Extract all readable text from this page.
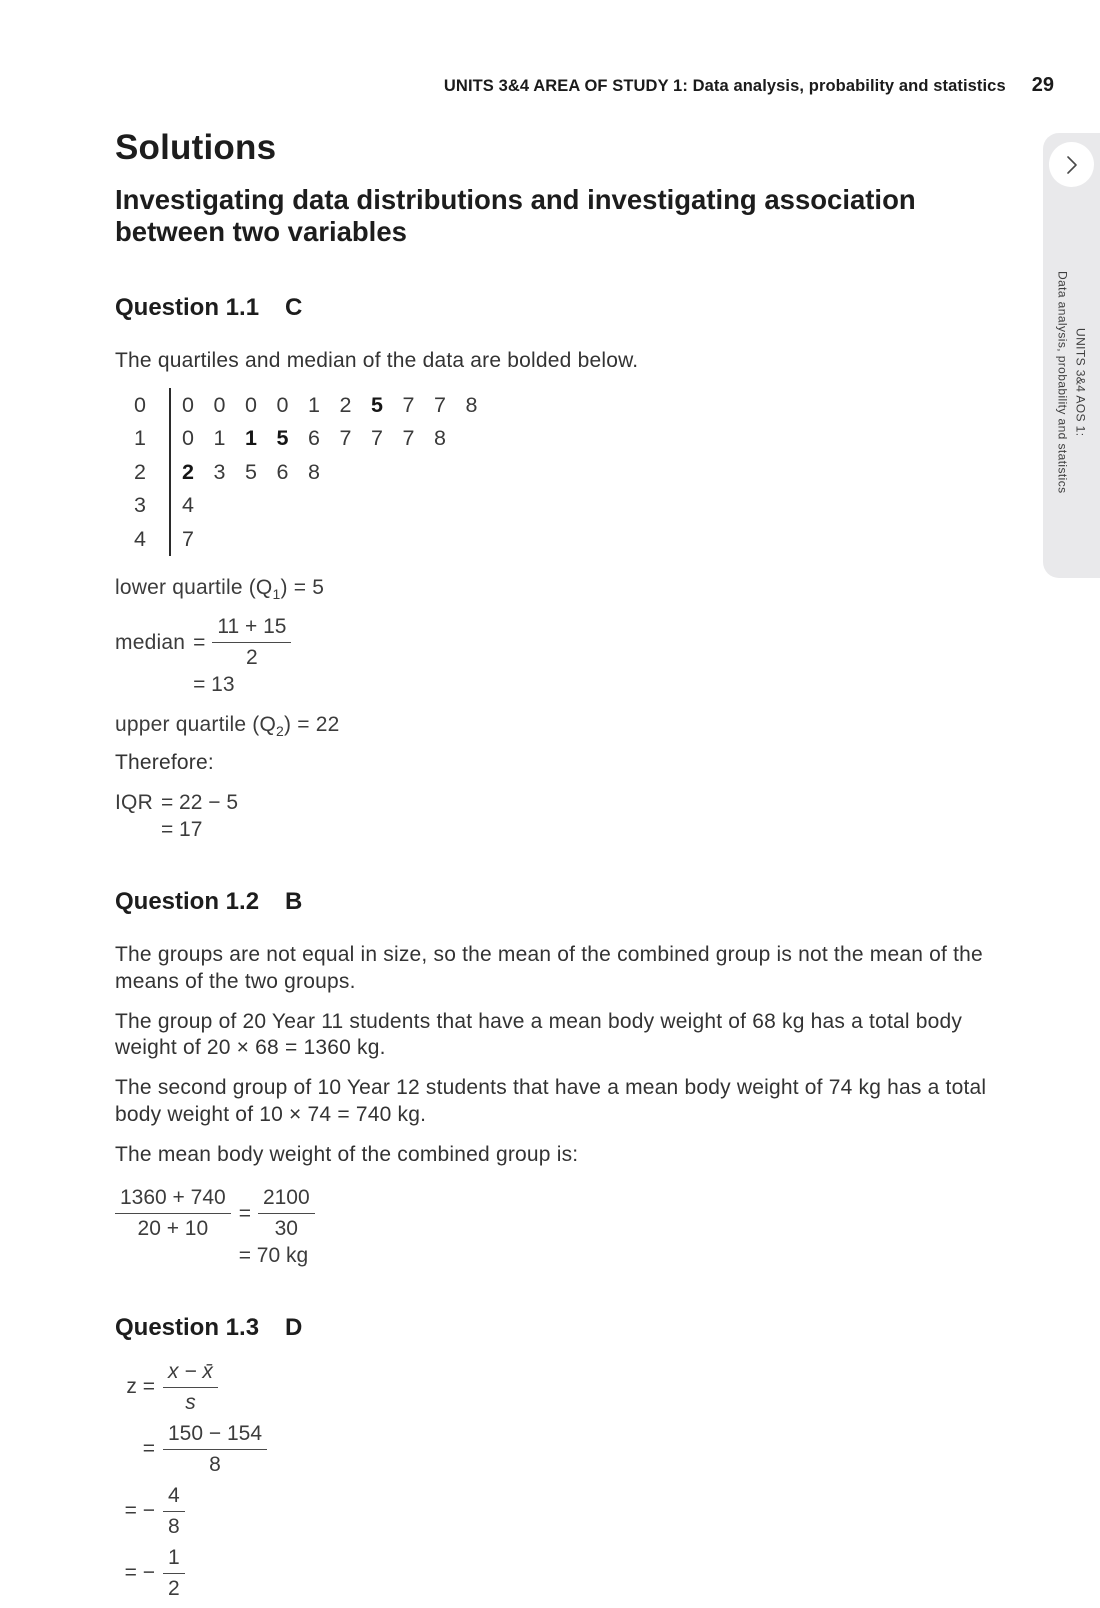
UNITS 3&4 AREA OF STUDY 1: Data analysis, probability and statistics 29
UNITS 3&4 AOS 1:
Data analysis, probability and statistics
Solutions
Investigating data distributions and investigating association between two variables
Question 1.1 C

The quartiles and median of the data are bolded below.

0	0 0 0 0 1 2 5 7 7 8
1	0 1 1 5 6 7 7 7 8
2	2 3 5 6 8
3	4
4	7

lower quartile $(Q_1) = 5$

median = $\frac{11 + 15}{2}$
= 13

upper quartile $(Q_2) = 22$

Therefore:

IQR = 22 − 5
= 17
Question 1.2 B

The groups are not equal in size, so the mean of the combined group is not the mean of the means of the two groups.

The group of 20 Year 11 students that have a mean body weight of 68 kg has a total body weight of 20 × 68 = 1360 kg.

The second group of 10 Year 12 students that have a mean body weight of 74 kg has a total body weight of 10 × 74 = 740 kg.

The mean body weight of the combined group is:

$\frac{1360 + 740}{20 + 10} = \frac{2100}{30}$
= 70 kg
Question 1.3 D
$z = \frac{x - x̄}{s}$
= $\frac{150 - 154}{8}$
= − $\frac{4}{8}$
= − $\frac{1}{2}$
